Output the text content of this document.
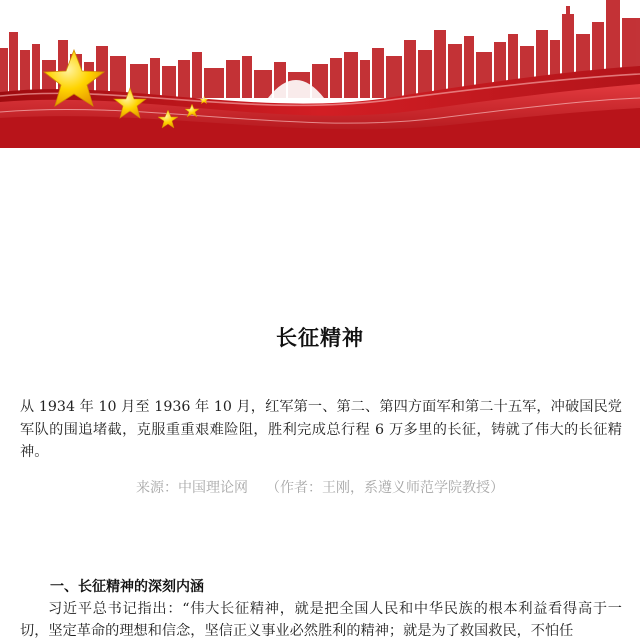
长征精神
从 1934 年 10 月至 1936 年 10 月，红军第一、第二、第四方面军和第二十五军，冲破国民党军队的围追堵截，克服重重艰难险阻，胜利完成总行程 6 万多里的长征，铸就了伟大的长征精神。
来源：中国理论网 （作者：王刚，系遵义师范学院教授）
一、长征精神的深刻内涵
习近平总书记指出：“伟大长征精神，就是把全国人民和中华民族的根本利益看得高于一切，坚定革命的理想和信念，坚信正义事业必然胜利的精神；就是为了救国救民，不怕任
